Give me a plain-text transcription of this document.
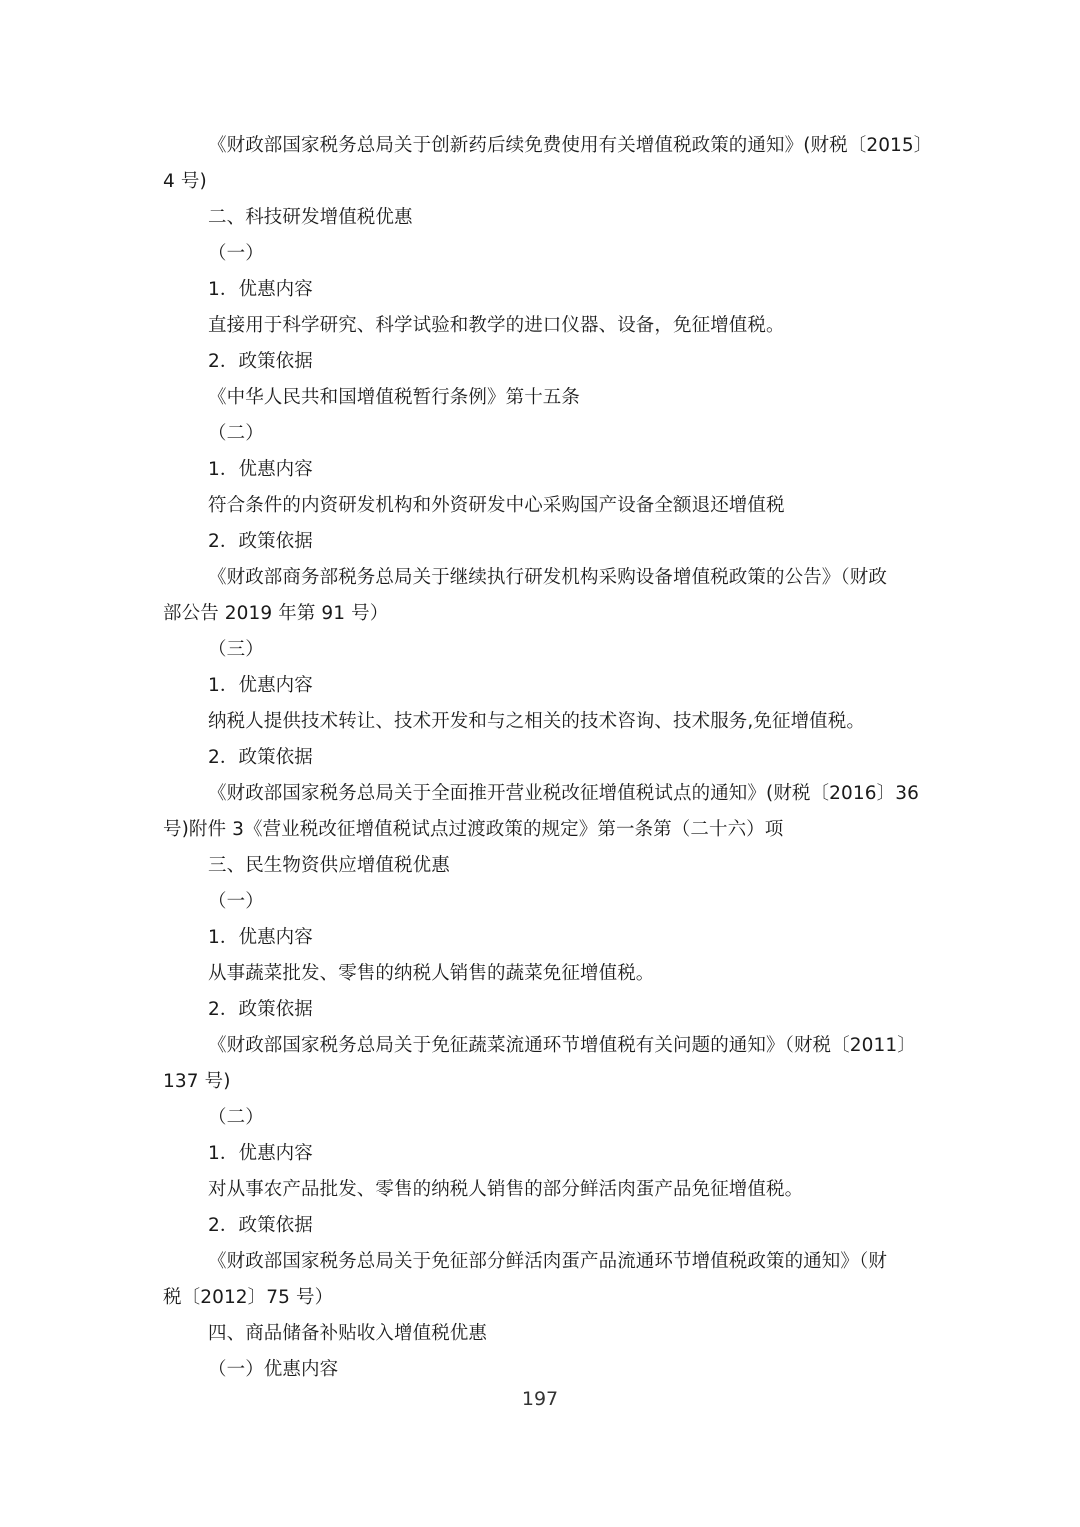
《财政部国家税务总局关于创新药后续免费使用有关增值税政策的通知》(财税〔2015〕
4 号)
二、科技研发增值税优惠
（一）
1．优惠内容
直接用于科学研究、科学试验和教学的进口仪器、设备，免征增值税。
2．政策依据
《中华人民共和国增值税暂行条例》第十五条
（二）
1．优惠内容
符合条件的内资研发机构和外资研发中心采购国产设备全额退还增值税
2．政策依据
《财政部商务部税务总局关于继续执行研发机构采购设备增值税政策的公告》（财政
部公告 2019 年第 91 号）
（三）
1．优惠内容
纳税人提供技术转让、技术开发和与之相关的技术咨询、技术服务,免征增值税。
2．政策依据
《财政部国家税务总局关于全面推开营业税改征增值税试点的通知》(财税〔2016〕36
号)附件 3《营业税改征增值税试点过渡政策的规定》第一条第（二十六）项
三、民生物资供应增值税优惠
（一）
1．优惠内容
从事蔬菜批发、零售的纳税人销售的蔬菜免征增值税。
2．政策依据
《财政部国家税务总局关于免征蔬菜流通环节增值税有关问题的通知》（财税〔2011〕
137 号)
（二）
1．优惠内容
对从事农产品批发、零售的纳税人销售的部分鲜活肉蛋产品免征增值税。
2．政策依据
《财政部国家税务总局关于免征部分鲜活肉蛋产品流通环节增值税政策的通知》（财
税〔2012〕75 号）
四、商品储备补贴收入增值税优惠
（一）优惠内容
197
